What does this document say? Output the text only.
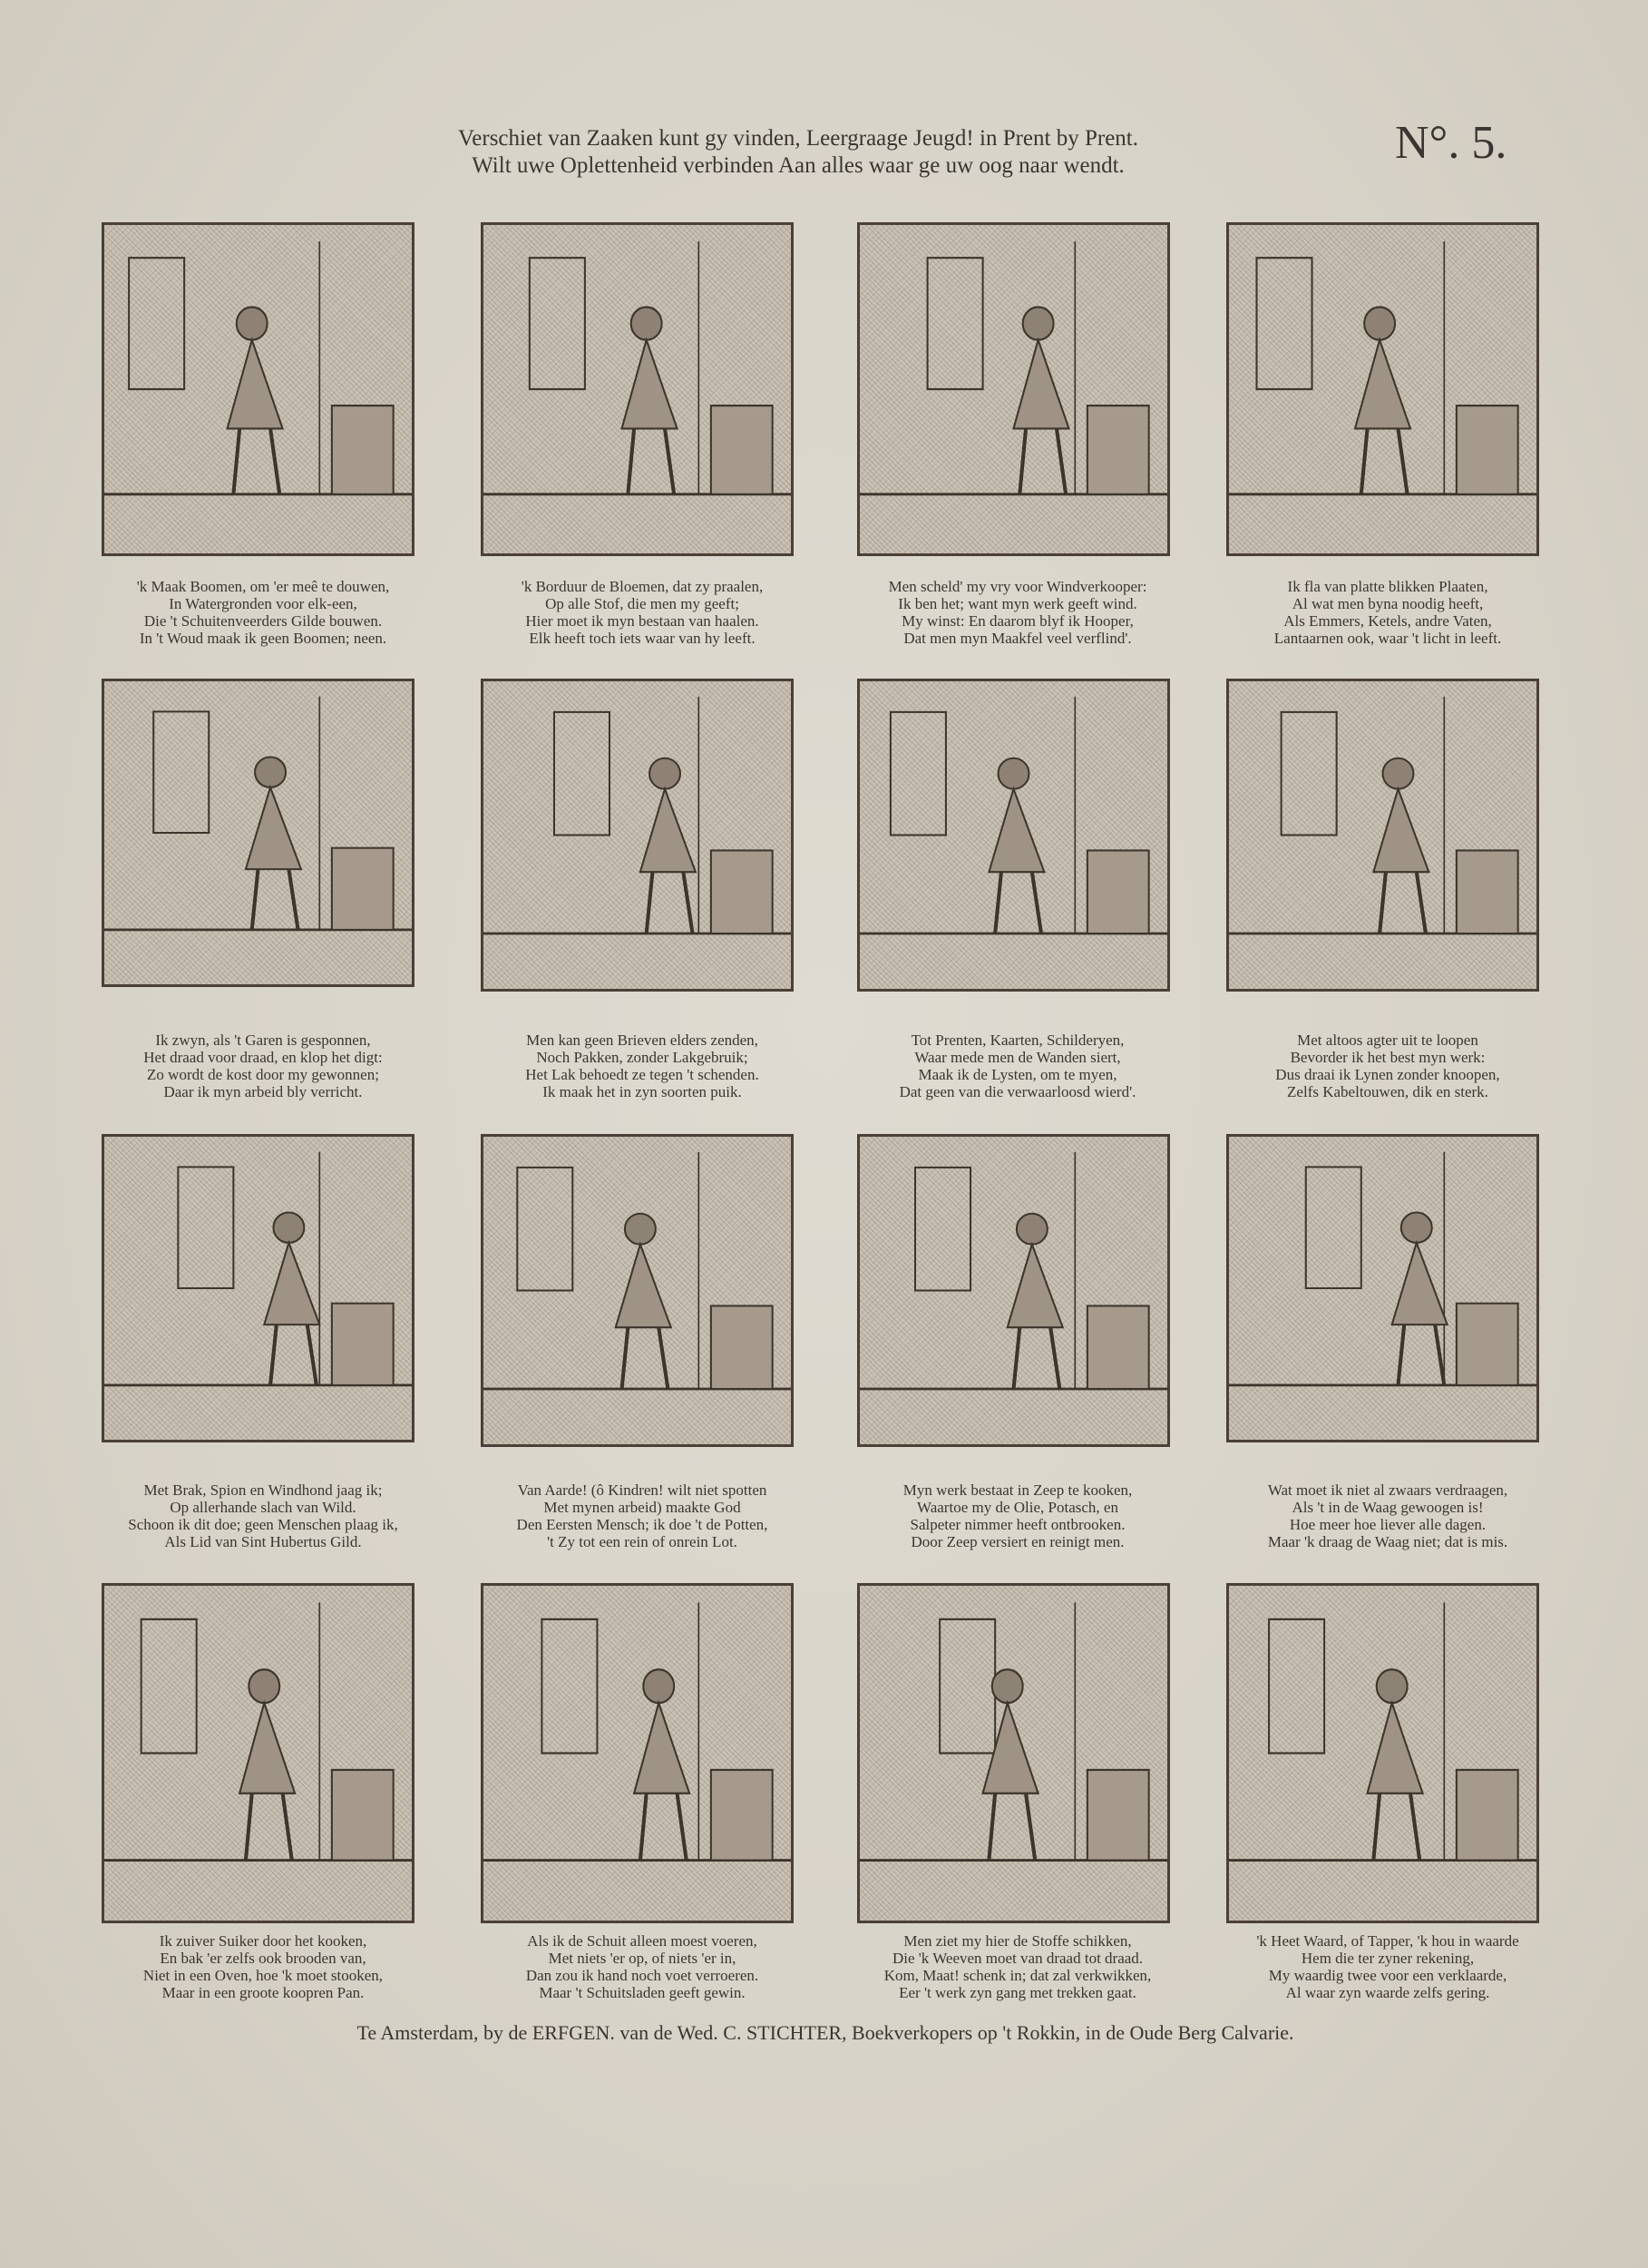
Verschiet van Zaaken kunt gy vinden, Leergraage Jeugd! in Prent by Prent.
Wilt uwe Oplettenheid verbinden Aan alles waar ge uw oog naar wendt.	N°. 5.
'k Maak Boomen, om 'er meê te douwen,
In Watergronden voor elk-een,
Die 't Schuitenveerders Gilde bouwen.
In 't Woud maak ik geen Boomen; neen.
'k Borduur de Bloemen, dat zy praalen,
Op alle Stof, die men my geeft;
Hier moet ik myn bestaan van haalen.
Elk heeft toch iets waar van hy leeft.
Men scheld' my vry voor Windverkooper:
Ik ben het; want myn werk geeft wind.
My winst: En daarom blyf ik Hooper,
Dat men myn Maakfel veel verflind'.
Ik fla van platte blikken Plaaten,
Al wat men byna noodig heeft,
Als Emmers, Ketels, andre Vaten,
Lantaarnen ook, waar 't licht in leeft.
Ik zwyn, als 't Garen is gesponnen,
Het draad voor draad, en klop het digt:
Zo wordt de kost door my gewonnen;
Daar ik myn arbeid bly verricht.
Men kan geen Brieven elders zenden,
Noch Pakken, zonder Lakgebruik;
Het Lak behoedt ze tegen 't schenden.
Ik maak het in zyn soorten puik.
Tot Prenten, Kaarten, Schilderyen,
Waar mede men de Wanden siert,
Maak ik de Lysten, om te myen,
Dat geen van die verwaarloosd wierd'.
Met altoos agter uit te loopen
Bevorder ik het best myn werk:
Dus draai ik Lynen zonder knoopen,
Zelfs Kabeltouwen, dik en sterk.
Met Brak, Spion en Windhond jaag ik;
Op allerhande slach van Wild.
Schoon ik dit doe; geen Menschen plaag ik,
Als Lid van Sint Hubertus Gild.
Van Aarde! (ô Kindren! wilt niet spotten
Met mynen arbeid) maakte God
Den Eersten Mensch; ik doe 't de Potten,
't Zy tot een rein of onrein Lot.
Myn werk bestaat in Zeep te kooken,
Waartoe my de Olie, Potasch, en
Salpeter nimmer heeft ontbrooken.
Door Zeep versiert en reinigt men.
Wat moet ik niet al zwaars verdraagen,
Als 't in de Waag gewoogen is!
Hoe meer hoe liever alle dagen.
Maar 'k draag de Waag niet; dat is mis.
Ik zuiver Suiker door het kooken,
En bak 'er zelfs ook brooden van,
Niet in een Oven, hoe 'k moet stooken,
Maar in een groote koopren Pan.
Als ik de Schuit alleen moest voeren,
Met niets 'er op, of niets 'er in,
Dan zou ik hand noch voet verroeren.
Maar 't Schuitsladen geeft gewin.
Men ziet my hier de Stoffe schikken,
Die 'k Weeven moet van draad tot draad.
Kom, Maat! schenk in; dat zal verkwikken,
Eer 't werk zyn gang met trekken gaat.
'k Heet Waard, of Tapper, 'k hou in waarde
Hem die ter zyner rekening,
My waardig twee voor een verklaarde,
Al waar zyn waarde zelfs gering.
Te Amsterdam, by de ERFGEN. van de Wed. C. STICHTER, Boekverkopers op 't Rokkin, in de Oude Berg Calvarie.
